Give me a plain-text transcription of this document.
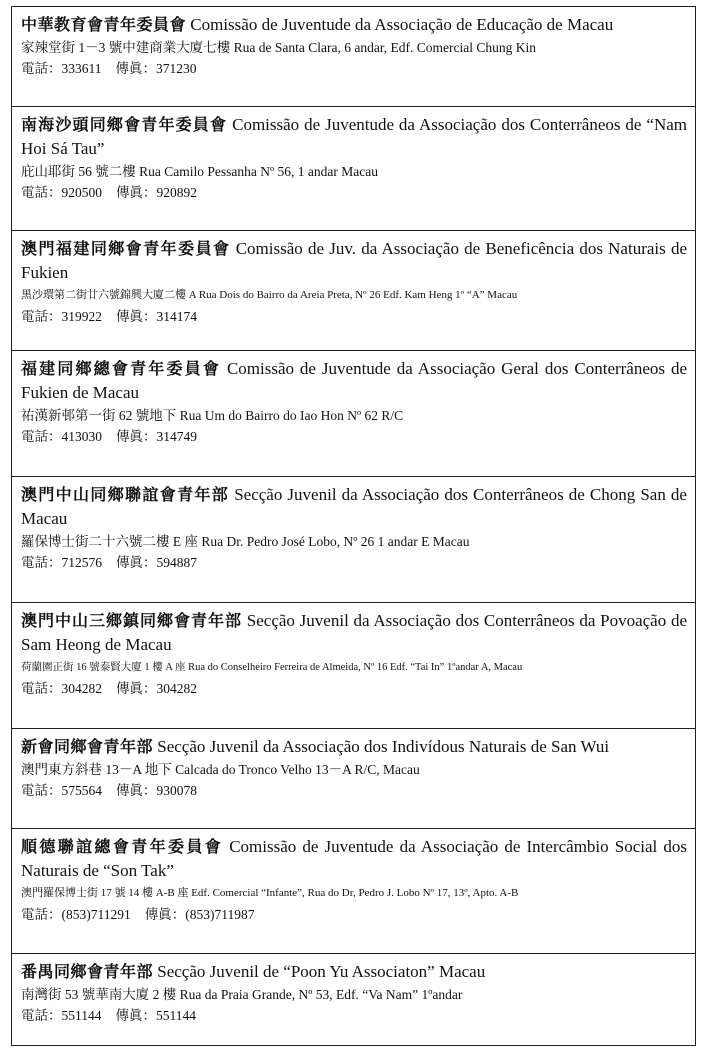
中華教育會青年委員會 Comissão de Juventude da Associação de Educação de Macau

家辣堂街 1－3 號中建商業大廈七樓 Rua de Santa Clara, 6 andar, Edf. Comercial Chung Kin

電話：333611 傳眞：371230

南海沙頭同鄉會青年委員會 Comissão de Juventude da Associação dos Conterrâneos de “Nam Hoi Sá Tau”

庇山耶街 56 號二樓 Rua Camilo Pessanha Nº 56, 1 andar Macau

電話：920500 傳眞：920892

澳門福建同鄉會青年委員會 Comissão de Juv. da Associação de Beneficência dos Naturais de Fukien

黑沙環第二街廿六號錦興大廈二樓 A Rua Dois do Bairro da Areia Preta, Nº 26 Edf. Kam Heng 1º “A” Macau

電話：319922 傳眞：314174

福建同鄉總會青年委員會 Comissão de Juventude da Associação Geral dos Conterrâneos de Fukien de Macau

祐漢新邨第一街 62 號地下 Rua Um do Bairro do Iao Hon Nº 62 R/C

電話：413030 傳眞：314749

澳門中山同鄉聯誼會青年部 Secção Juvenil da Associação dos Conterrâneos de Chong San de Macau

羅保博士街二十六號二樓 E 座 Rua Dr. Pedro José Lobo, Nº 26 1 andar E Macau

電話：712576 傳眞：594887

澳門中山三鄉鎮同鄉會青年部 Secção Juvenil da Associação dos Conterrâneos da Povoação de Sam Heong de Macau

荷蘭園正街 16 號泰賢大廈 1 樓 A 座 Rua do Conselheiro Ferreira de Almeida, Nº 16 Edf. “Tai In” 1ºandar A, Macau

電話：304282 傳眞：304282

新會同鄉會青年部 Secção Juvenil da Associação dos Indivídous Naturais de San Wui

澳門東方斜巷 13－A 地下 Calcada do Tronco Velho 13－A R/C, Macau

電話：575564 傳眞：930078

順德聯誼總會青年委員會 Comissão de Juventude da Associação de Intercâmbio Social dos Naturais de “Son Tak”

澳門羅保博士街 17 號 14 樓 A-B 座 Edf. Comercial “Infante”, Rua do Dr, Pedro J. Lobo Nº 17, 13º, Apto. A-B

電話：(853)711291 傳眞：(853)711987

番禺同鄉會青年部 Secção Juvenil de “Poon Yu Associaton” Macau

南灣街 53 號華南大廈 2 樓 Rua da Praia Grande, Nº 53, Edf. “Va Nam” 1ºandar

電話：551144 傳眞：551144
